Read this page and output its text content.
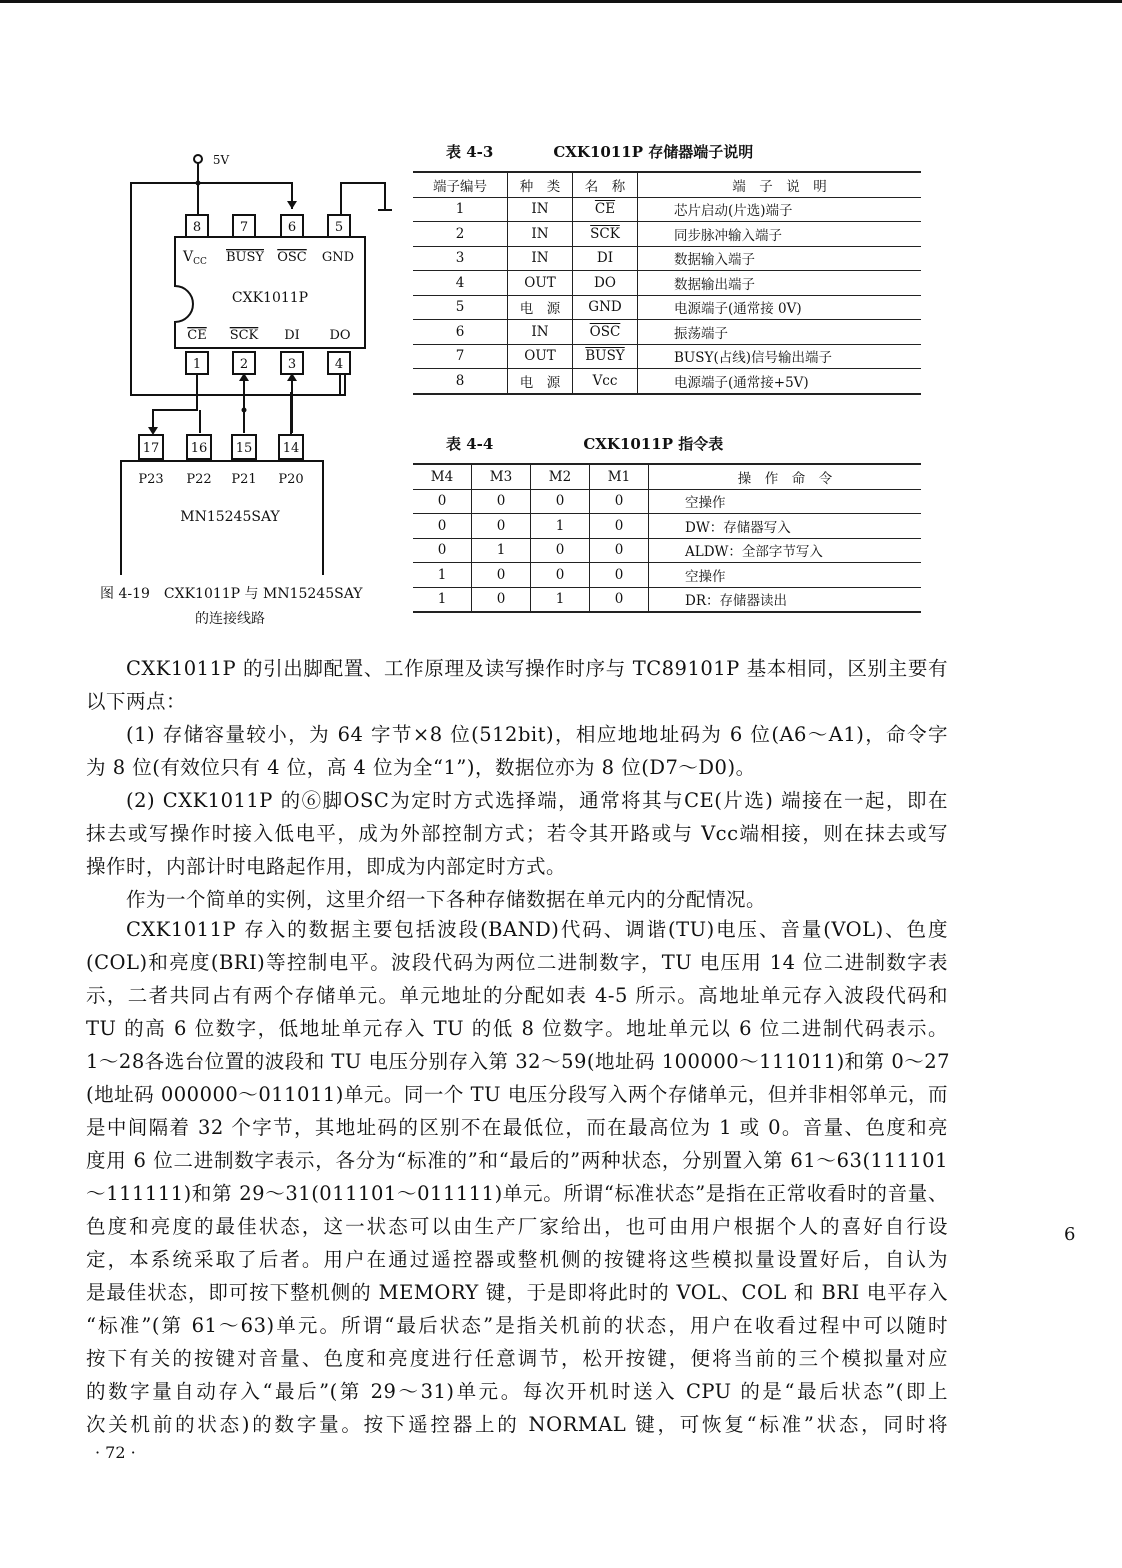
5V
8	7	6	5
$V_{CC}$ BUSY OSC GND
CXK1011P
CE SCK DI DO
1	2	3	4
17 16 15 14
P23 P22 P21 P20
MN15245SAY
图 4-19　CXK1011P 与 MN15245SAY
的连接线路
表 4-3	CXK1011P 存储器端子说明
端子编号	种　类	名　称	端　子　说　明
1	IN	$\overline{CE}$	芯片启动(片选)端子
2	IN	$\overline{SCK}$	同步脉冲输入端子
3	IN	DI	数据输入端子
4	OUT	DO	数据输出端子
5	电　源	GND	电源端子(通常接 0V)
6	IN	$\overline{OSC}$	振荡端子
7	OUT	BUSY	BUSY(占线)信号输出端子
8	电　源	Vcc	电源端子(通常接+5V)
表 4-4	CXK1011P 指令表
M4	M3	M2	M1	操　作　命　令
0	0	0	0	空操作
0	0	1	0	DW：存储器写入
0	1	0	0	ALDW：全部字节写入
1	0	0	0	空操作
1	0	1	0	DR：存储器读出
CXK1011P 的引出脚配置、工作原理及读写操作时序与 TC89101P 基本相同，区别主要有
以下两点：
(1) 存储容量较小，为 64 字节×8 位(512bit)，相应地地址码为 6 位(A6～A1)，命令字
为 8 位(有效位只有 4 位，高 4 位为全“1”)，数据位亦为 8 位(D7～D0)。
(2) CXK1011P 的⑥脚OSC为定时方式选择端，通常将其与CE(片选) 端接在一起，即在
抹去或写操作时接入低电平，成为外部控制方式；若令其开路或与 Vcc端相接，则在抹去或写
操作时，内部计时电路起作用，即成为内部定时方式。
作为一个简单的实例，这里介绍一下各种存储数据在单元内的分配情况。
CXK1011P 存入的数据主要包括波段(BAND)代码、调谐(TU)电压、音量(VOL)、色度
(COL)和亮度(BRI)等控制电平。波段代码为两位二进制数字，TU 电压用 14 位二进制数字表
示，二者共同占有两个存储单元。单元地址的分配如表 4-5 所示。高地址单元存入波段代码和
TU 的高 6 位数字，低地址单元存入 TU 的低 8 位数字。地址单元以 6 位二进制代码表示。
1～28各选台位置的波段和 TU 电压分别存入第 32～59(地址码 100000～111011)和第 0～27
(地址码 000000～011011)单元。同一个 TU 电压分段写入两个存储单元，但并非相邻单元，而
是中间隔着 32 个字节，其地址码的区别不在最低位，而在最高位为 1 或 0。音量、色度和亮
度用 6 位二进制数字表示，各分为“标准的”和“最后的”两种状态，分别置入第 61～63(111101
～111111)和第 29～31(011101～011111)单元。所谓“标准状态”是指在正常收看时的音量、
色度和亮度的最佳状态，这一状态可以由生产厂家给出，也可由用户根据个人的喜好自行设
定，本系统采取了后者。用户在通过遥控器或整机侧的按键将这些模拟量设置好后，自认为
是最佳状态，即可按下整机侧的 MEMORY 键，于是即将此时的 VOL、COL 和 BRI 电平存入
“标准”(第 61～63)单元。所谓“最后状态”是指关机前的状态，用户在收看过程中可以随时
按下有关的按键对音量、色度和亮度进行任意调节，松开按键，便将当前的三个模拟量对应
的数字量自动存入“最后”(第 29～31)单元。每次开机时送入 CPU 的是“最后状态”(即上
次关机前的状态)的数字量。按下遥控器上的 NORMAL 键，可恢复“标准”状态，同时将
6
· 72 ·
